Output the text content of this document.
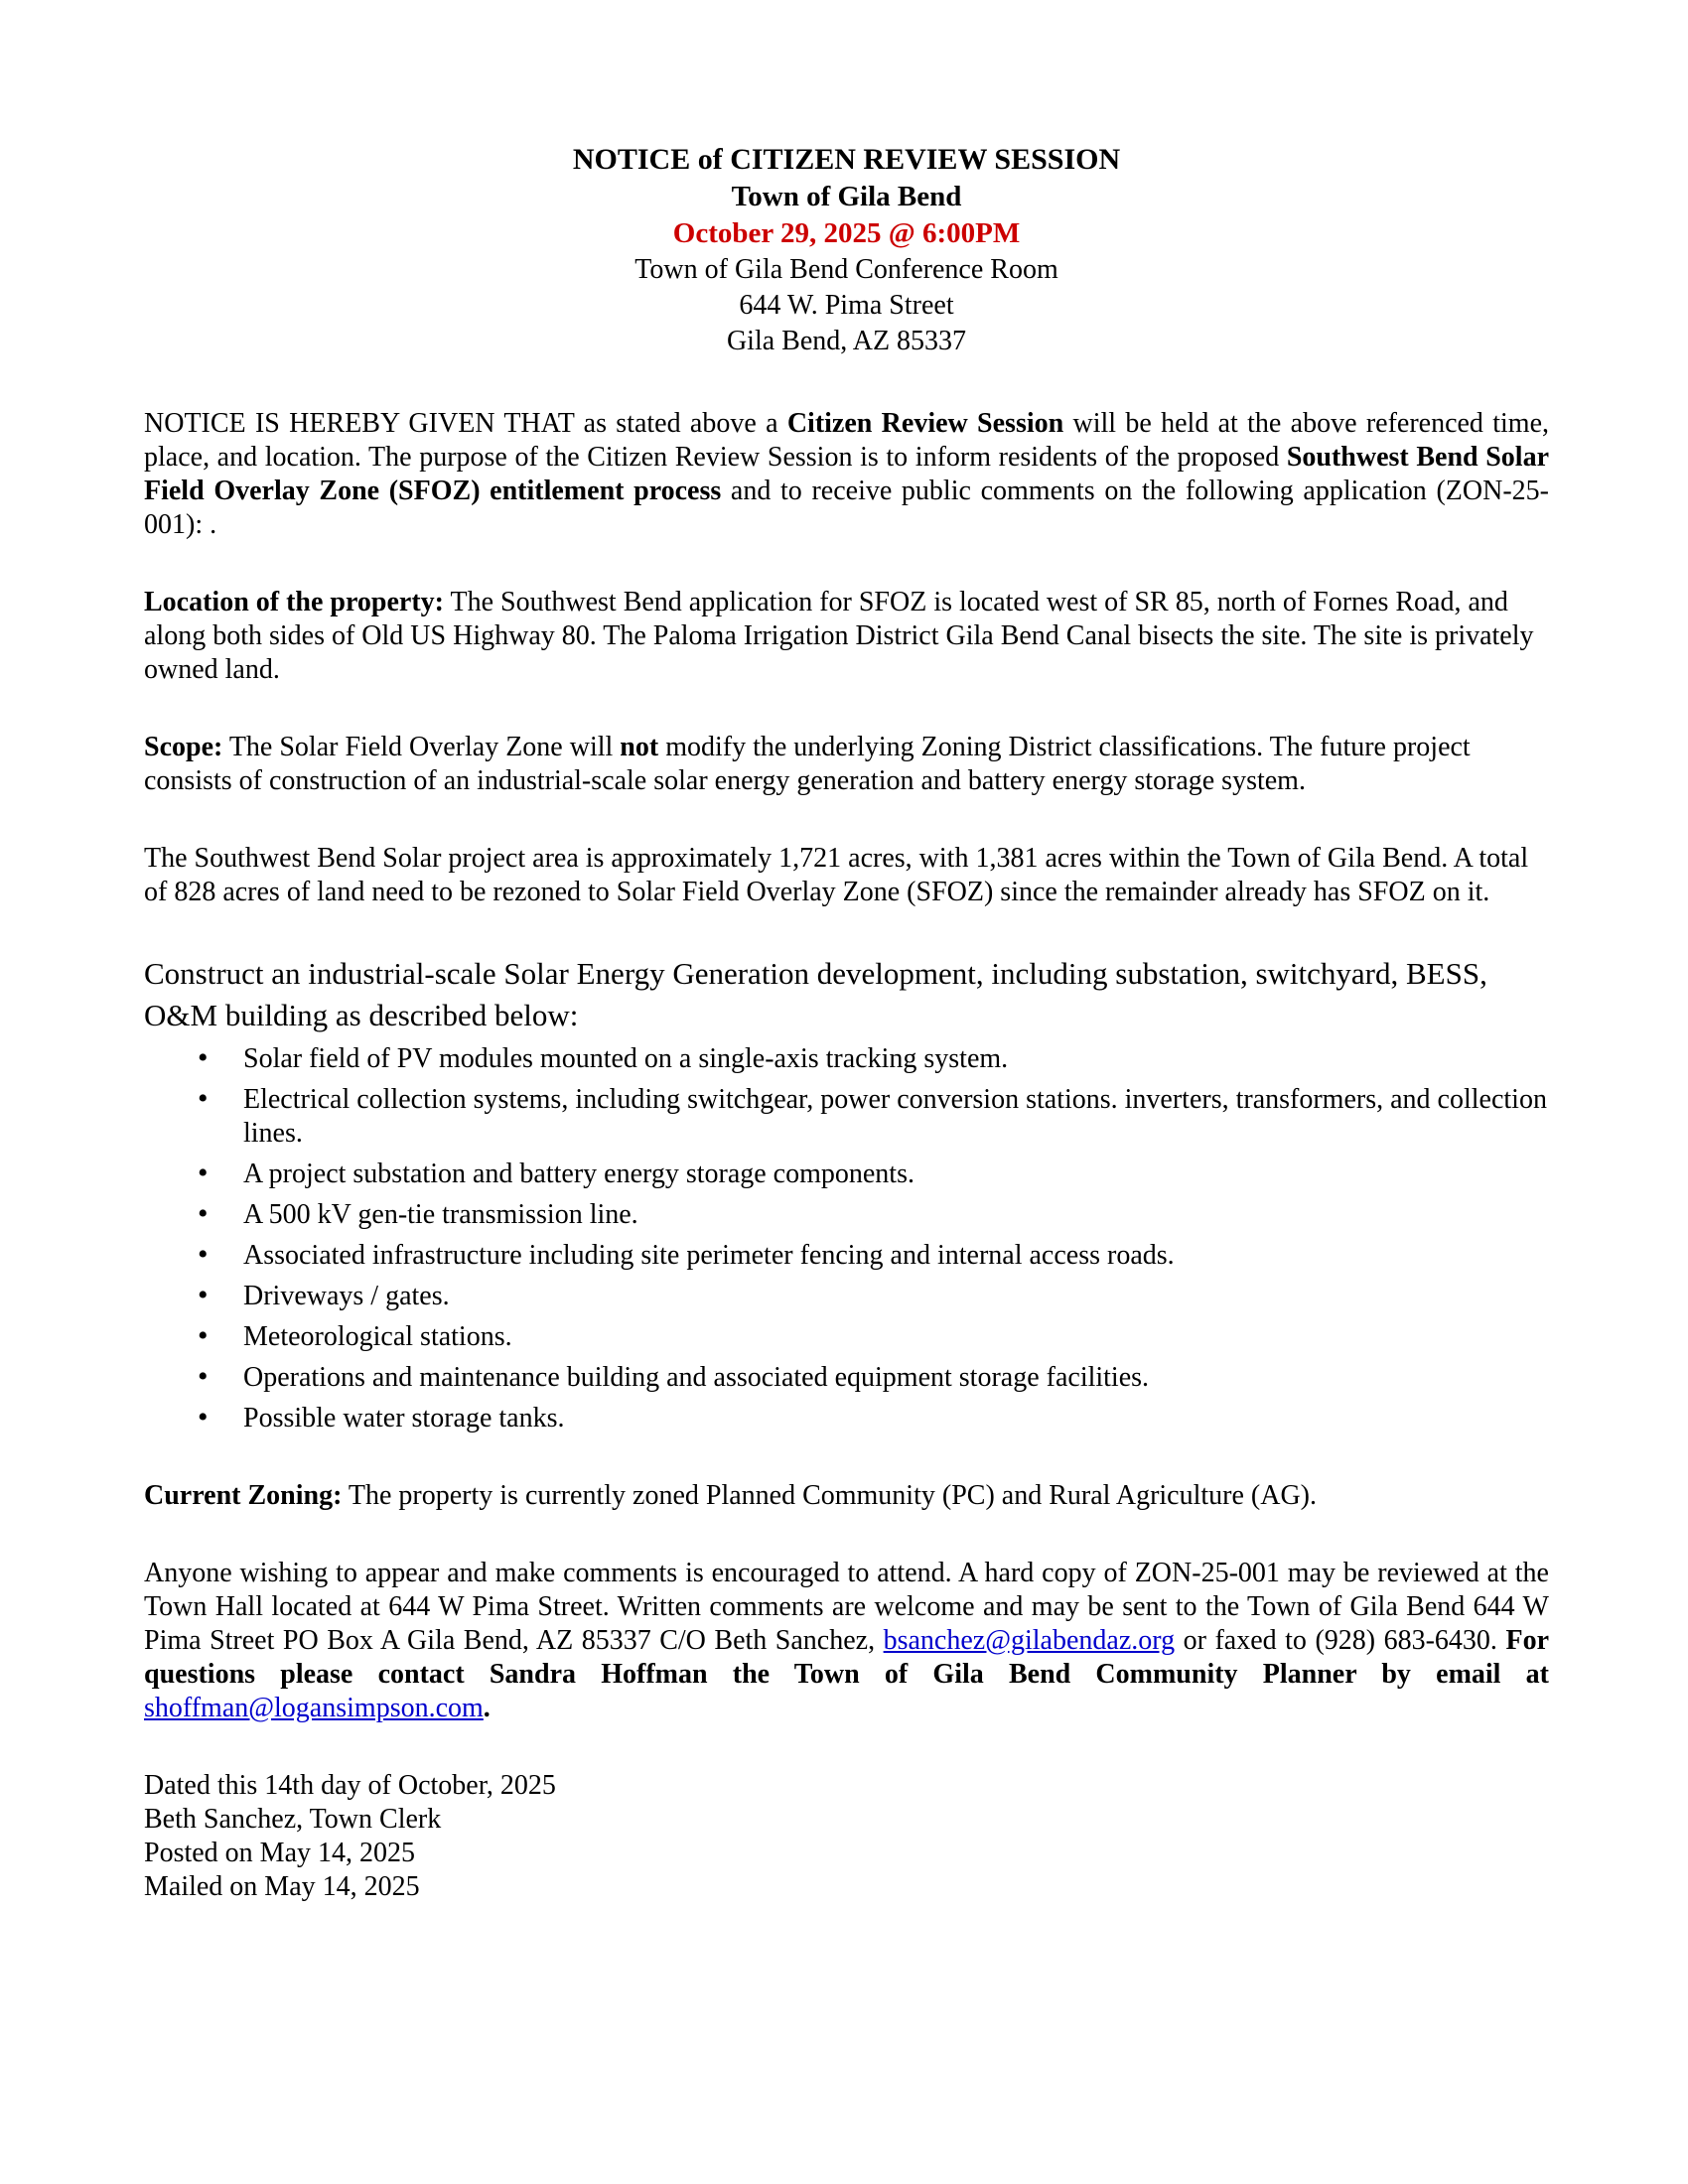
NOTICE of CITIZEN REVIEW SESSION
Town of Gila Bend
October 29, 2025 @ 6:00PM
Town of Gila Bend Conference Room
644 W. Pima Street
Gila Bend, AZ 85337

NOTICE IS HEREBY GIVEN THAT as stated above a Citizen Review Session will be held at the above referenced time, place, and location. The purpose of the Citizen Review Session is to inform residents of the proposed Southwest Bend Solar Field Overlay Zone (SFOZ) entitlement process and to receive public comments on the following application (ZON-25-001): .

Location of the property: The Southwest Bend application for SFOZ is located west of SR 85, north of Fornes Road, and along both sides of Old US Highway 80. The Paloma Irrigation District Gila Bend Canal bisects the site. The site is privately owned land.

Scope: The Solar Field Overlay Zone will not modify the underlying Zoning District classifications. The future project consists of construction of an industrial-scale solar energy generation and battery energy storage system.

The Southwest Bend Solar project area is approximately 1,721 acres, with 1,381 acres within the Town of Gila Bend. A total of 828 acres of land need to be rezoned to Solar Field Overlay Zone (SFOZ) since the remainder already has SFOZ on it.

Construct an industrial-scale Solar Energy Generation development, including substation, switchyard, BESS, O&M building as described below:

• Solar field of PV modules mounted on a single-axis tracking system.
• Electrical collection systems, including switchgear, power conversion stations. inverters, transformers, and collection lines.
• A project substation and battery energy storage components.
• A 500 kV gen-tie transmission line.
• Associated infrastructure including site perimeter fencing and internal access roads.
• Driveways / gates.
• Meteorological stations.
• Operations and maintenance building and associated equipment storage facilities.
• Possible water storage tanks.

Current Zoning: The property is currently zoned Planned Community (PC) and Rural Agriculture (AG).

Anyone wishing to appear and make comments is encouraged to attend. A hard copy of ZON-25-001 may be reviewed at the Town Hall located at 644 W Pima Street. Written comments are welcome and may be sent to the Town of Gila Bend 644 W Pima Street PO Box A Gila Bend, AZ 85337 C/O Beth Sanchez, bsanchez@gilabendaz.org or faxed to (928) 683-6430. For questions please contact Sandra Hoffman the Town of Gila Bend Community Planner by email at shoffman@logansimpson.com.

Dated this 14th day of October, 2025
Beth Sanchez, Town Clerk
Posted on May 14, 2025
Mailed on May 14, 2025
